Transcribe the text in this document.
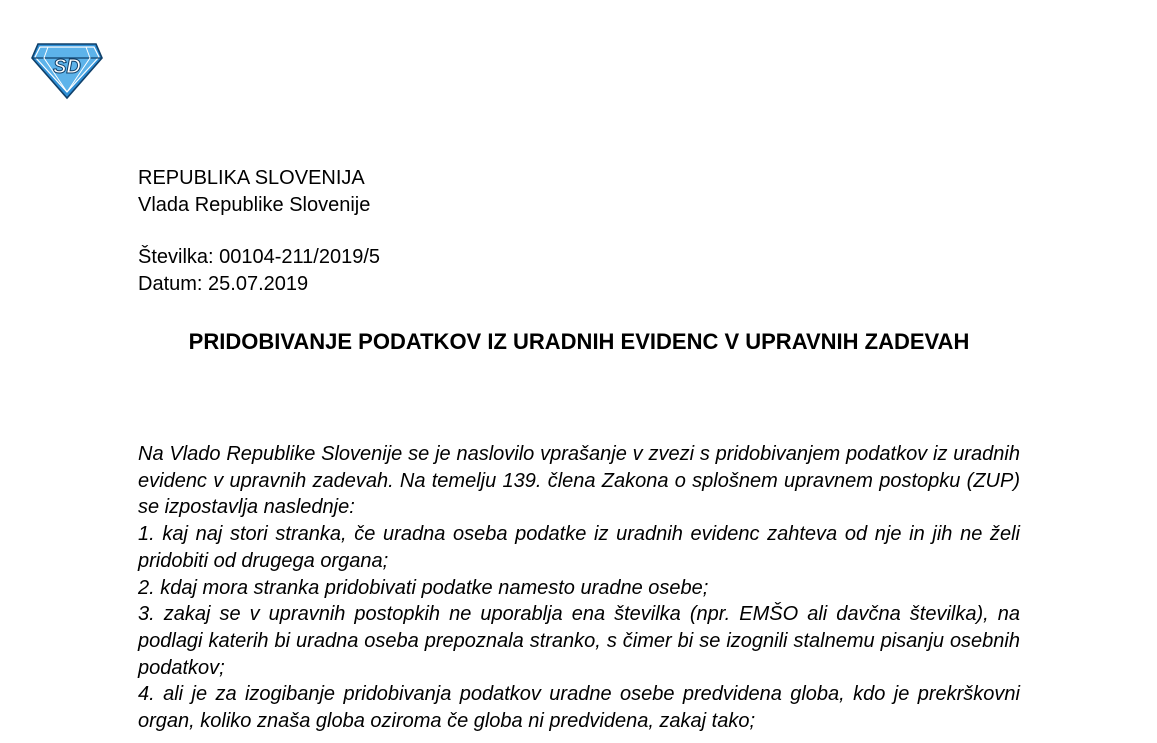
SD
REPUBLIKA SLOVENIJA
Vlada Republike Slovenije
Številka: 00104-211/2019/5
Datum: 25.07.2019
PRIDOBIVANJE PODATKOV IZ URADNIH EVIDENC V UPRAVNIH ZADEVAH

Na Vlado Republike Slovenije se je naslovilo vprašanje v zvezi s pridobivanjem podatkov iz uradnih evidenc v upravnih zadevah. Na temelju 139. člena Zakona o splošnem upravnem postopku (ZUP) se izpostavlja naslednje:

1. kaj naj stori stranka, če uradna oseba podatke iz uradnih evidenc zahteva od nje in jih ne želi pridobiti od drugega organa;

2. kdaj mora stranka pridobivati podatke namesto uradne osebe;

3. zakaj se v upravnih postopkih ne uporablja ena številka (npr. EMŠO ali davčna številka), na podlagi katerih bi uradna oseba prepoznala stranko, s čimer bi se izognili stalnemu pisanju osebnih podatkov;

4. ali je za izogibanje pridobivanja podatkov uradne osebe predvidena globa, kdo je prekrškovni organ, koliko znaša globa oziroma če globa ni predvidena, zakaj tako;
